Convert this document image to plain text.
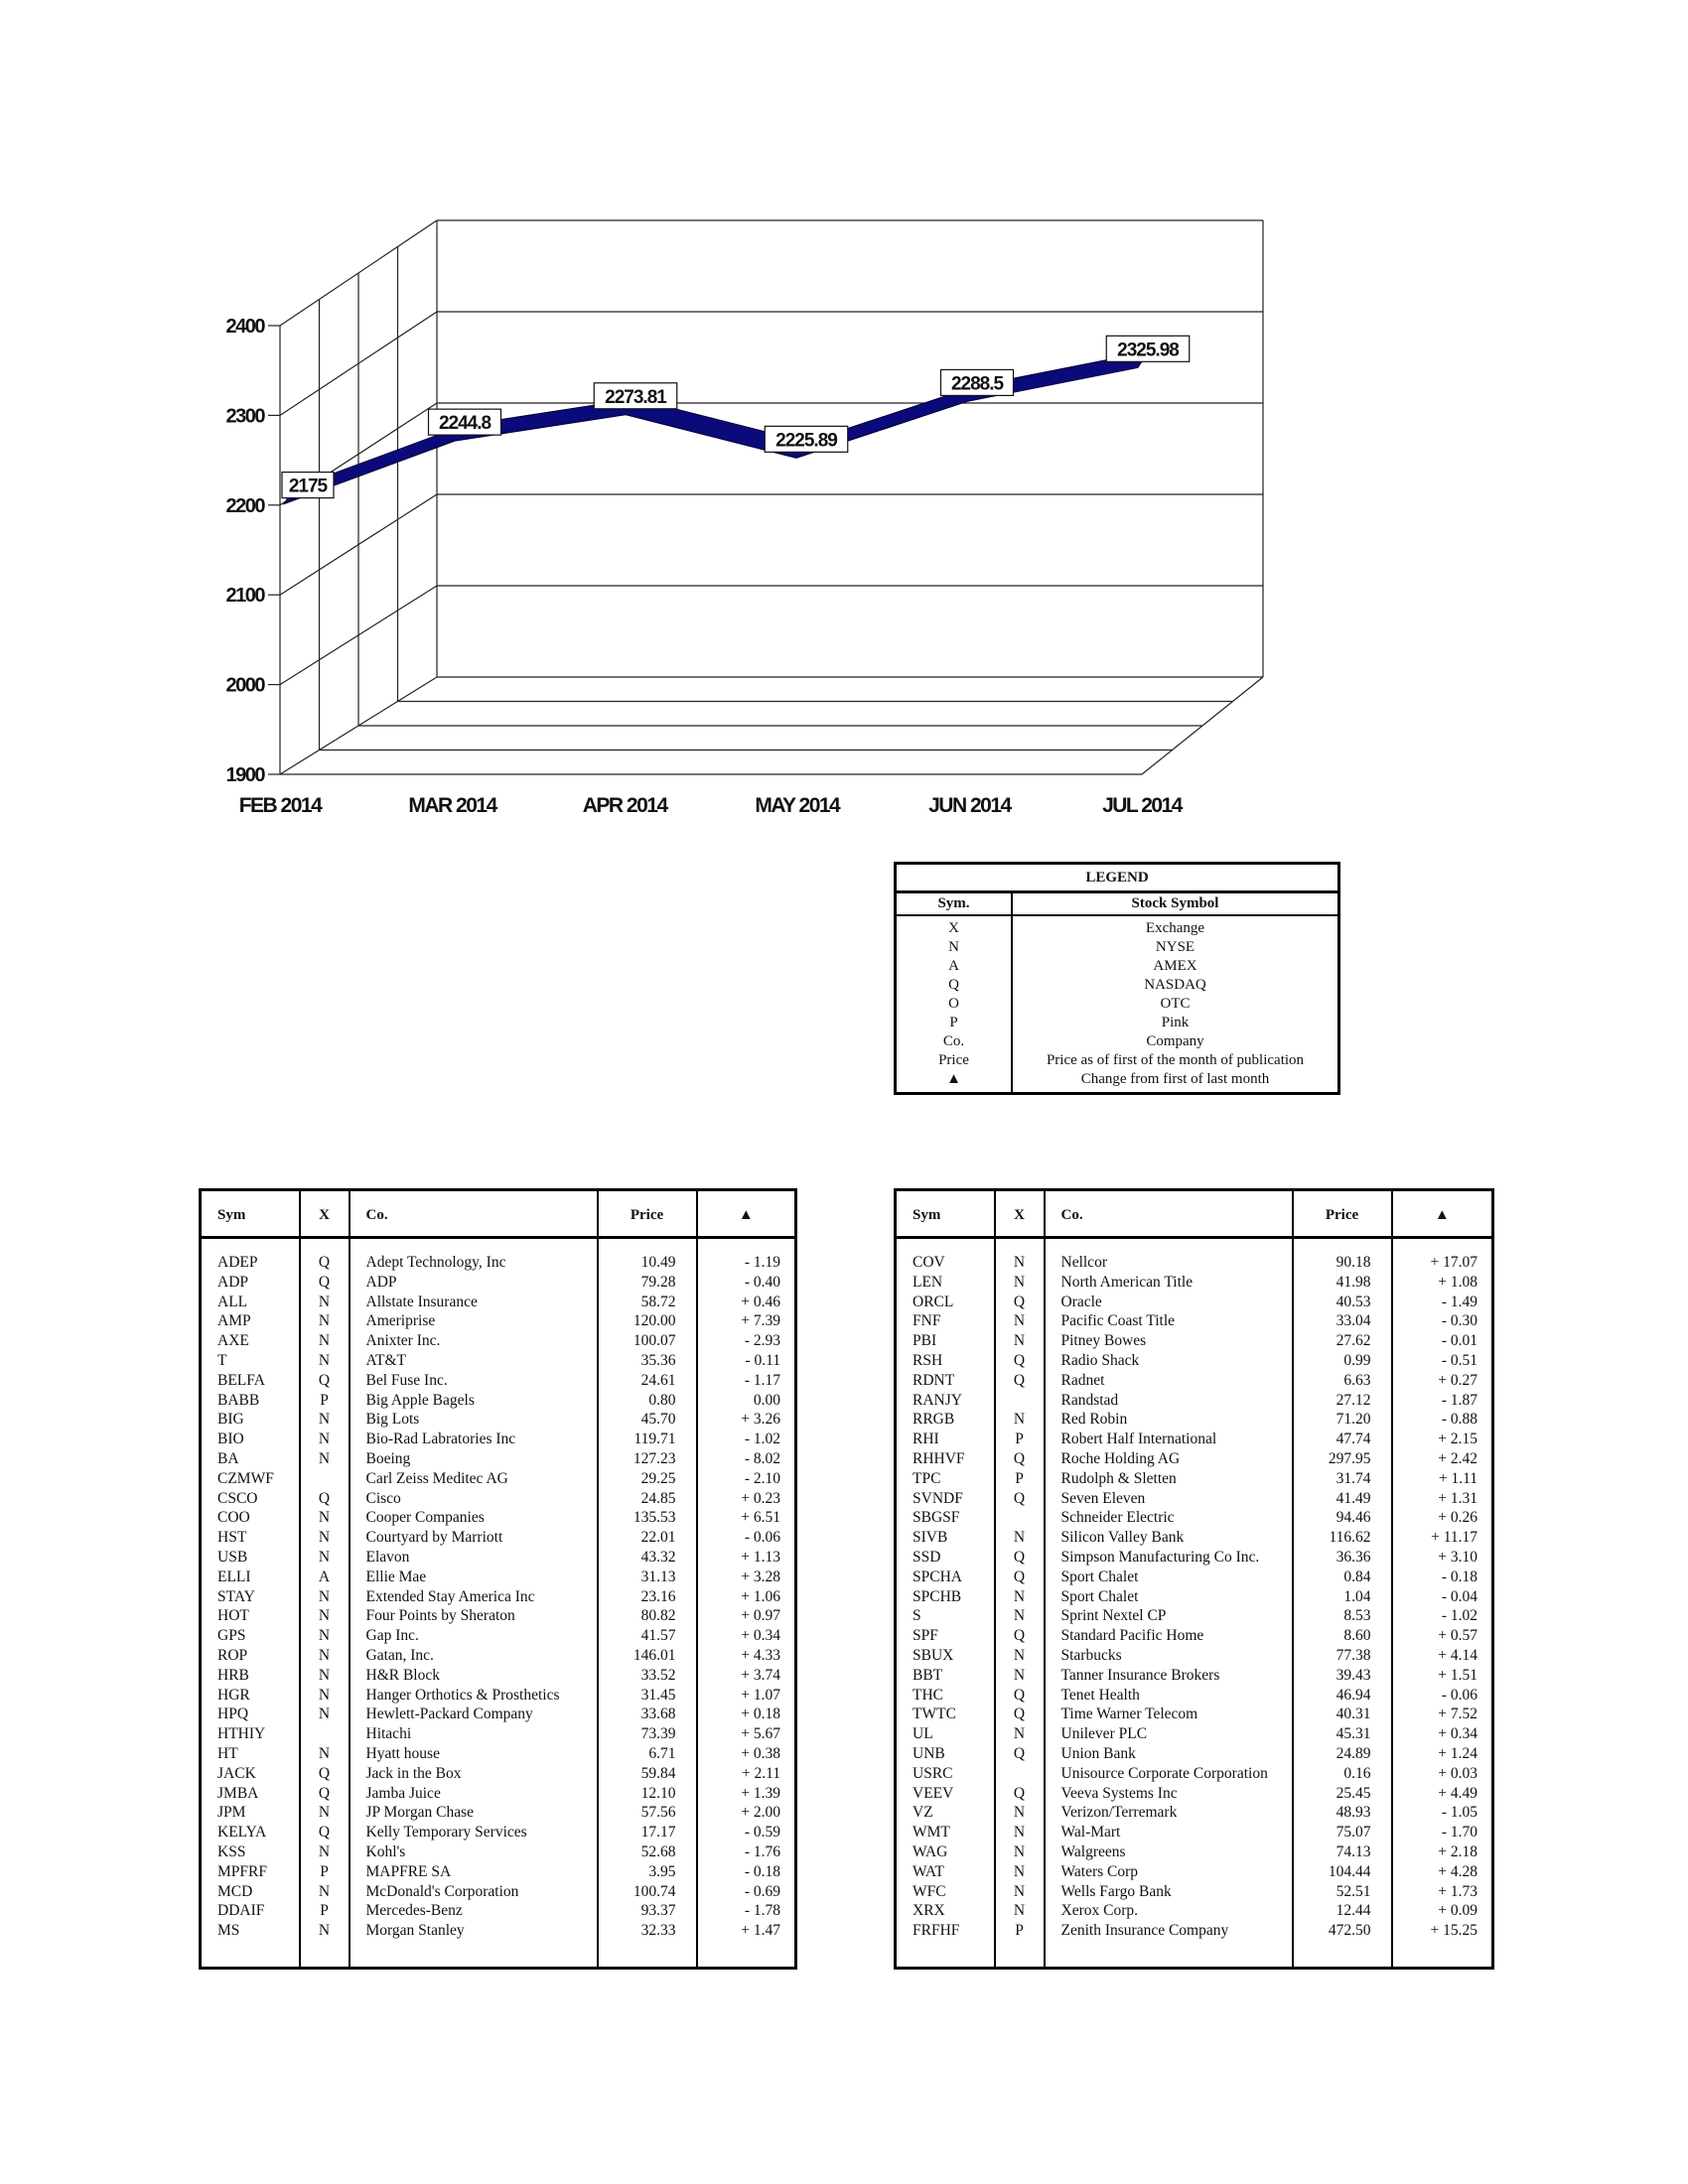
1900
2000
2100
2200
2300
2400
2175
2244.8
2273.81
2225.89
2288.5
2325.98
FEB 2014	MAR 2014	APR 2014	MAY 2014	JUN 2014	JUL 2014
LEGEND	
Sym.	Stock Symbol
X	Exchange
N	NYSE
A	AMEX
Q	NASDAQ
O	OTC
P	Pink
Co.	Company
Price	Price as of first of the month of publication
▲	Change from first of last month
Sym	X	Co.	Price	▲
ADEP	Q	Adept Technology, Inc	10.49	- 1.19
ADP	Q	ADP	79.28	- 0.40
ALL	N	Allstate Insurance	58.72	+ 0.46
AMP	N	Ameriprise	120.00	+ 7.39
AXE	N	Anixter Inc.	100.07	- 2.93
T	N	AT&T	35.36	- 0.11
BELFA	Q	Bel Fuse Inc.	24.61	- 1.17
BABB	P	Big Apple Bagels	0.80	0.00
BIG	N	Big Lots	45.70	+ 3.26
BIO	N	Bio-Rad Labratories Inc	119.71	- 1.02
BA	N	Boeing	127.23	- 8.02
CZMWF		Carl Zeiss Meditec AG	29.25	- 2.10
CSCO	Q	Cisco	24.85	+ 0.23
COO	N	Cooper Companies	135.53	+ 6.51
HST	N	Courtyard by Marriott	22.01	- 0.06
USB	N	Elavon	43.32	+ 1.13
ELLI	A	Ellie Mae	31.13	+ 3.28
STAY	N	Extended Stay America Inc	23.16	+ 1.06
HOT	N	Four Points by Sheraton	80.82	+ 0.97
GPS	N	Gap Inc.	41.57	+ 0.34
ROP	N	Gatan, Inc.	146.01	+ 4.33
HRB	N	H&R Block	33.52	+ 3.74
HGR	N	Hanger Orthotics & Prosthetics	31.45	+ 1.07
HPQ	N	Hewlett-Packard Company	33.68	+ 0.18
HTHIY		Hitachi	73.39	+ 5.67
HT	N	Hyatt house	6.71	+ 0.38
JACK	Q	Jack in the Box	59.84	+ 2.11
JMBA	Q	Jamba Juice	12.10	+ 1.39
JPM	N	JP Morgan Chase	57.56	+ 2.00
KELYA	Q	Kelly Temporary Services	17.17	- 0.59
KSS	N	Kohl's	52.68	- 1.76
MPFRF	P	MAPFRE SA	3.95	- 0.18
MCD	N	McDonald's Corporation	100.74	- 0.69
DDAIF	P	Mercedes-Benz	93.37	- 1.78
MS	N	Morgan Stanley	32.33	+ 1.47
Sym	X	Co.	Price	▲
COV	N	Nellcor	90.18	+ 17.07
LEN	N	North American Title	41.98	+ 1.08
ORCL	Q	Oracle	40.53	- 1.49
FNF	N	Pacific Coast Title	33.04	- 0.30
PBI	N	Pitney Bowes	27.62	- 0.01
RSH	Q	Radio Shack	0.99	- 0.51
RDNT	Q	Radnet	6.63	+ 0.27
RANJY		Randstad	27.12	- 1.87
RRGB	N	Red Robin	71.20	- 0.88
RHI	P	Robert Half International	47.74	+ 2.15
RHHVF	Q	Roche Holding AG	297.95	+ 2.42
TPC	P	Rudolph & Sletten	31.74	+ 1.11
SVNDF	Q	Seven Eleven	41.49	+ 1.31
SBGSF		Schneider Electric	94.46	+ 0.26
SIVB	N	Silicon Valley Bank	116.62	+ 11.17
SSD	Q	Simpson Manufacturing Co Inc.	36.36	+ 3.10
SPCHA	Q	Sport Chalet	0.84	- 0.18
SPCHB	N	Sport Chalet	1.04	- 0.04
S	N	Sprint Nextel CP	8.53	- 1.02
SPF	Q	Standard Pacific Home	8.60	+ 0.57
SBUX	N	Starbucks	77.38	+ 4.14
BBT	N	Tanner Insurance Brokers	39.43	+ 1.51
THC	Q	Tenet Health	46.94	- 0.06
TWTC	Q	Time Warner Telecom	40.31	+ 7.52
UL	N	Unilever PLC	45.31	+ 0.34
UNB	Q	Union Bank	24.89	+ 1.24
USRC		Unisource Corporate Corporation	0.16	+ 0.03
VEEV	Q	Veeva Systems Inc	25.45	+ 4.49
VZ	N	Verizon/Terremark	48.93	- 1.05
WMT	N	Wal-Mart	75.07	- 1.70
WAG	N	Walgreens	74.13	+ 2.18
WAT	N	Waters Corp	104.44	+ 4.28
WFC	N	Wells Fargo Bank	52.51	+ 1.73
XRX	N	Xerox Corp.	12.44	+ 0.09
FRFHF	P	Zenith Insurance Company	472.50	+ 15.25
